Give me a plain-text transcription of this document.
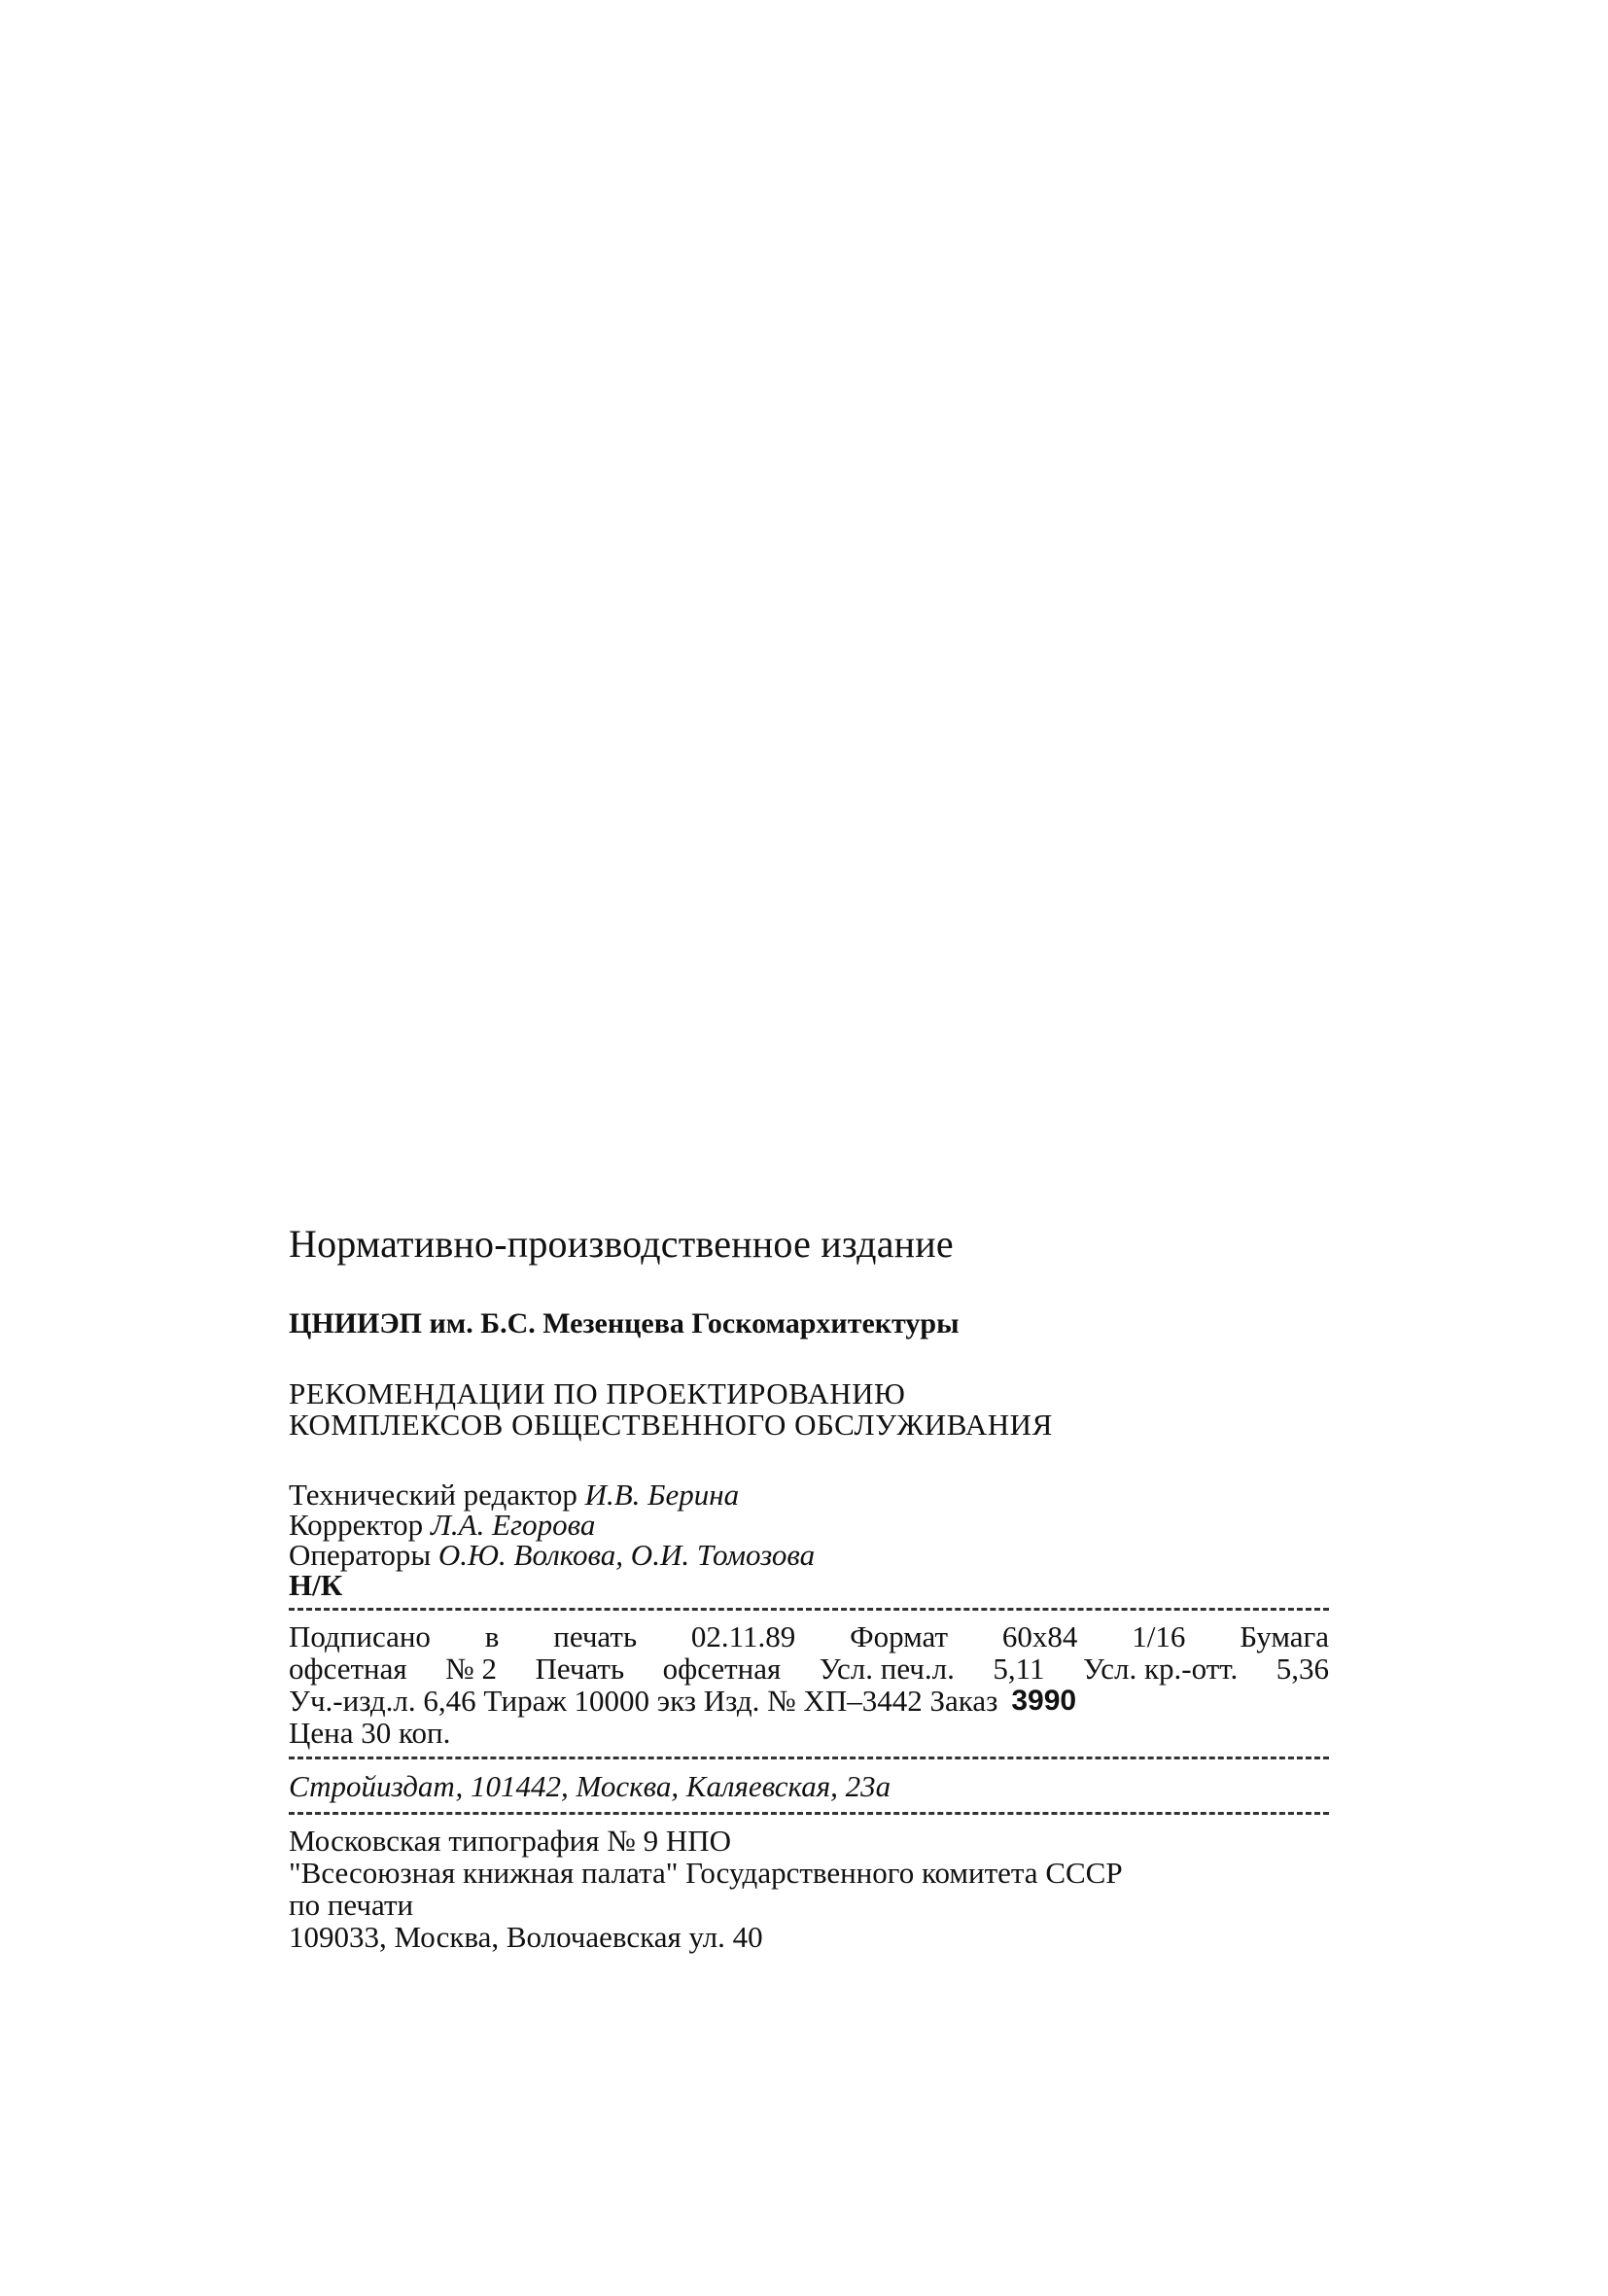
Нормативно-производственное издание
ЦНИИЭП им. Б.С. Мезенцева Госкомархитектуры
РЕКОМЕНДАЦИИ ПО ПРОЕКТИРОВАНИЮ
КОМПЛЕКСОВ ОБЩЕСТВЕННОГО ОБСЛУЖИВАНИЯ
Технический редактор И.В. Берина
Корректор Л.А. Егорова
Операторы О.Ю. Волкова, О.И. Томозова
Н/К
Подписано в печать 02.11.89 Формат 60х84 1/16 Бумага
офсетная № 2 Печать офсетная Усл. печ.л. 5,11 Усл. кр.-отт. 5,36
Уч.-изд.л. 6,46 Тираж 10000 экз Изд. № ХП–3442 Заказ 3990
Цена 30 коп.
Стройиздат, 101442, Москва, Каляевская, 23а
Московская типография № 9 НПО
"Всесоюзная книжная палата" Государственного комитета СССР
по печати
109033, Москва, Волочаевская ул. 40
